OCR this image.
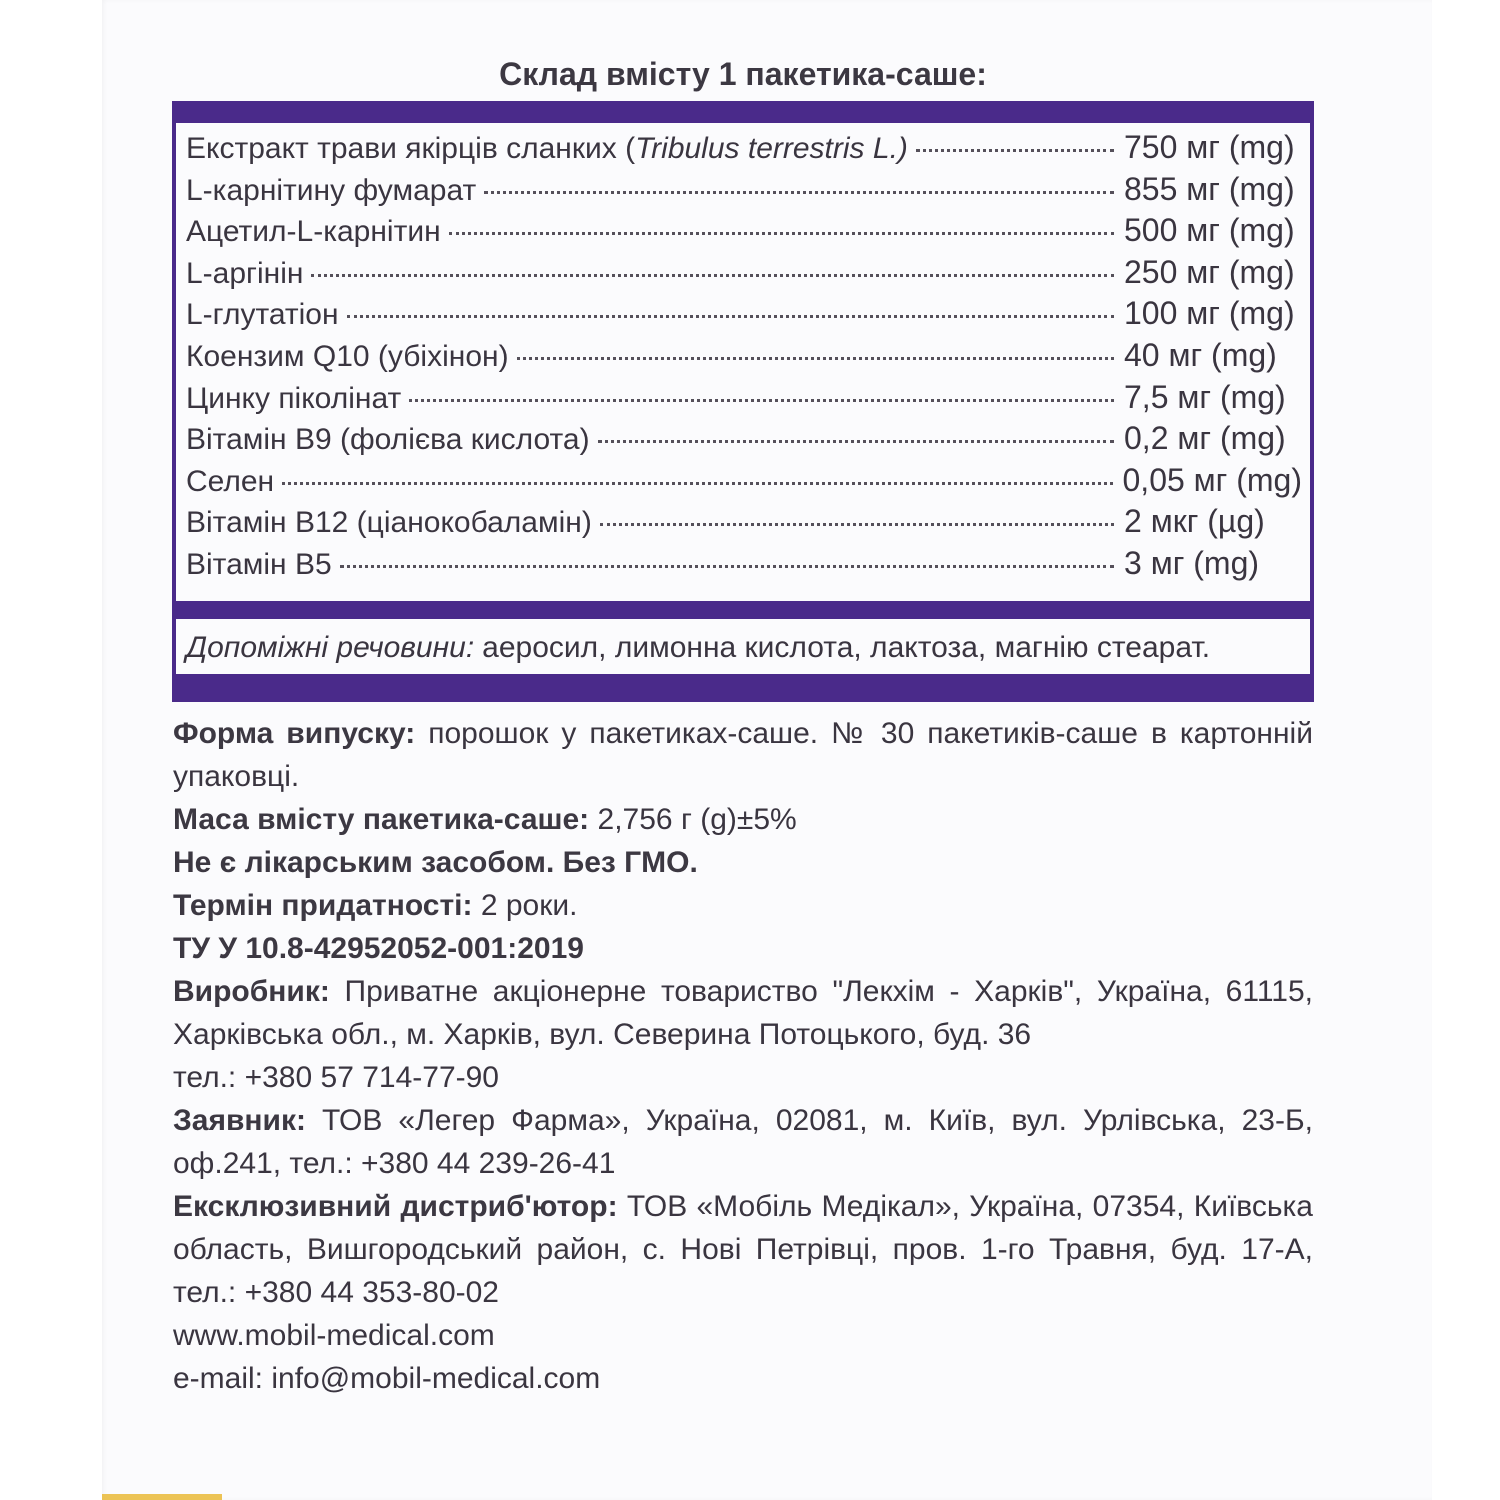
Склад вмісту 1 пакетика-саше:
Екстракт трави якірців сланких (Tribulus terrestris L.)	750 мг (mg)
L-карнітину фумарат	855 мг (mg)
Ацетил-L-карнітин	500 мг (mg)
L-аргінін	250 мг (mg)
L-глутатіон	100 мг (mg)
Коензим Q10 (убіхінон)	40 мг (mg)
Цинку піколінат	7,5 мг (mg)
Вітамін В9 (фолієва кислота)	0,2 мг (mg)
Селен	0,05 мг (mg)
Вітамін В12 (ціанокобаламін)	2 мкг (µg)
Вітамін В5	3 мг (mg)
Допоміжні речовини: аеросил, лимонна кислота, лактоза, магнію стеарат.

Форма випуску: порошок у пакетиках-саше. № 30 пакетиків-саше в картонній упаковці.

Маса вмісту пакетика-саше: 2,756 г (g)±5%

Не є лікарським засобом. Без ГМО.

Термін придатності: 2 роки.

ТУ У 10.8-42952052-001:2019

Виробник: Приватне акціонерне товариство "Лекхім - Харків", Україна, 61115, Харківська обл., м. Харків, вул. Северина Потоцького, буд. 36

тел.: +380 57 714-77-90

Заявник: ТОВ «Легер Фарма», Україна, 02081, м. Київ, вул. Урлівська, 23-Б, оф.241, тел.: +380 44 239-26-41

Ексклюзивний дистриб'ютор: ТОВ «Мобіль Медікал», Україна, 07354, Київська область, Вишгородський район, с. Нові Петрівці, пров. 1-го Травня, буд. 17-А, тел.: +380 44 353-80-02

www.mobil-medical.com

e-mail: info@mobil-medical.com
